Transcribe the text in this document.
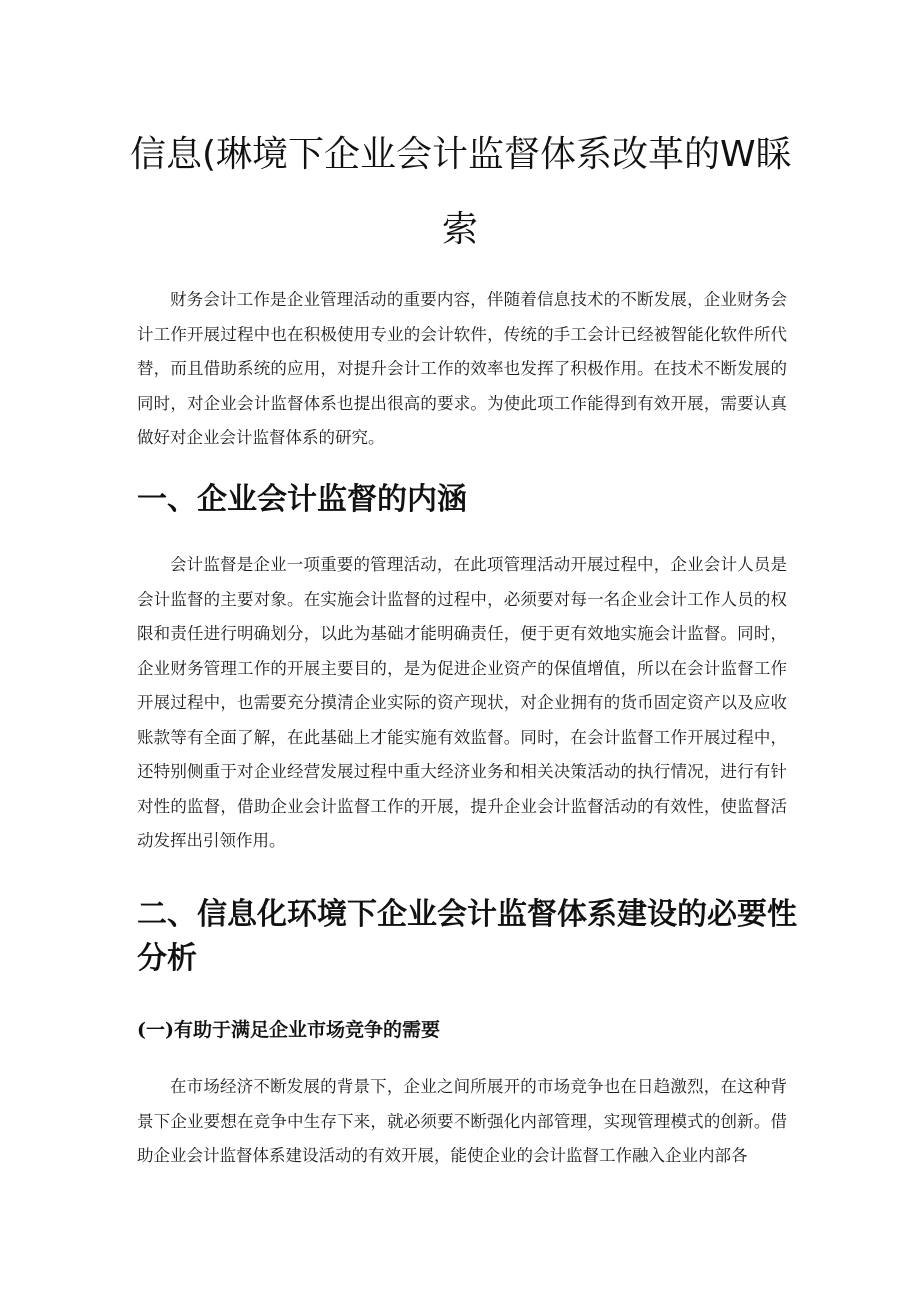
信息(琳境下企业会计监督体系改革的W睬
索

财务会计工作是企业管理活动的重要内容，伴随着信息技术的不断发展，企业财务会计工作开展过程中也在积极使用专业的会计软件，传统的手工会计已经被智能化软件所代替，而且借助系统的应用，对提升会计工作的效率也发挥了积极作用。在技术不断发展的同时，对企业会计监督体系也提出很高的要求。为使此项工作能得到有效开展，需要认真做好对企业会计监督体系的研究。

一、企业会计监督的内涵

会计监督是企业一项重要的管理活动，在此项管理活动开展过程中，企业会计人员是会计监督的主要对象。在实施会计监督的过程中，必须要对每一名企业会计工作人员的权限和责任进行明确划分，以此为基础才能明确责任，便于更有效地实施会计监督。同时，企业财务管理工作的开展主要目的，是为促进企业资产的保值增值，所以在会计监督工作开展过程中，也需要充分摸清企业实际的资产现状，对企业拥有的货币固定资产以及应收账款等有全面了解，在此基础上才能实施有效监督。同时，在会计监督工作开展过程中，还特别侧重于对企业经营发展过程中重大经济业务和相关决策活动的执行情况，进行有针对性的监督，借助企业会计监督工作的开展，提升企业会计监督活动的有效性，使监督活动发挥出引领作用。

二、信息化环境下企业会计监督体系建设的必要性分析
(一)有助于满足企业市场竞争的需要

在市场经济不断发展的背景下，企业之间所展开的市场竞争也在日趋激烈，在这种背景下企业要想在竞争中生存下来，就必须要不断强化内部管理，实现管理模式的创新。借助企业会计监督体系建设活动的有效开展，能使企业的会计监督工作融入企业内部各
